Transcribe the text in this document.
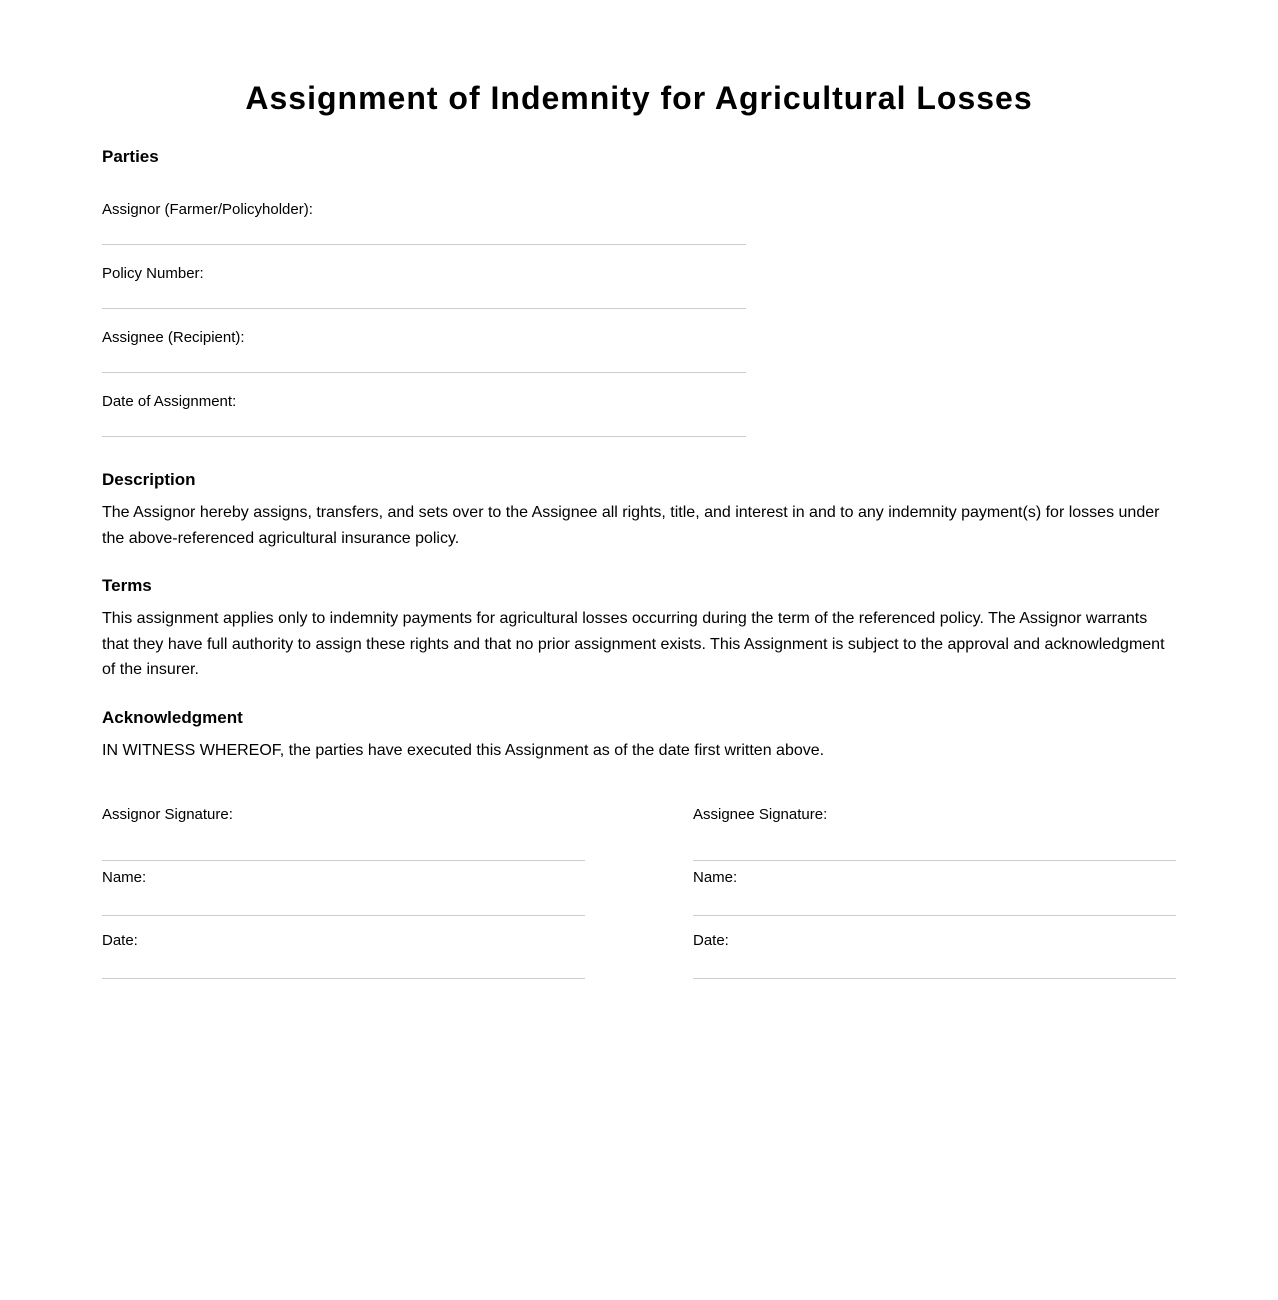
Assignment of Indemnity for Agricultural Losses
Parties
Assignor (Farmer/Policyholder):
Policy Number:
Assignee (Recipient):
Date of Assignment:
Description

The Assignor hereby assigns, transfers, and sets over to the Assignee all rights, title, and interest in and to any indemnity payment(s) for losses under the above-referenced agricultural insurance policy.

Terms

This assignment applies only to indemnity payments for agricultural losses occurring during the term of the referenced policy. The Assignor warrants that they have full authority to assign these rights and that no prior assignment exists. This Assignment is subject to the approval and acknowledgment of the insurer.

Acknowledgment

IN WITNESS WHEREOF, the parties have executed this Assignment as of the date first written above.

Assignor Signature:
Name:
Date:
Assignee Signature:
Name:
Date:
